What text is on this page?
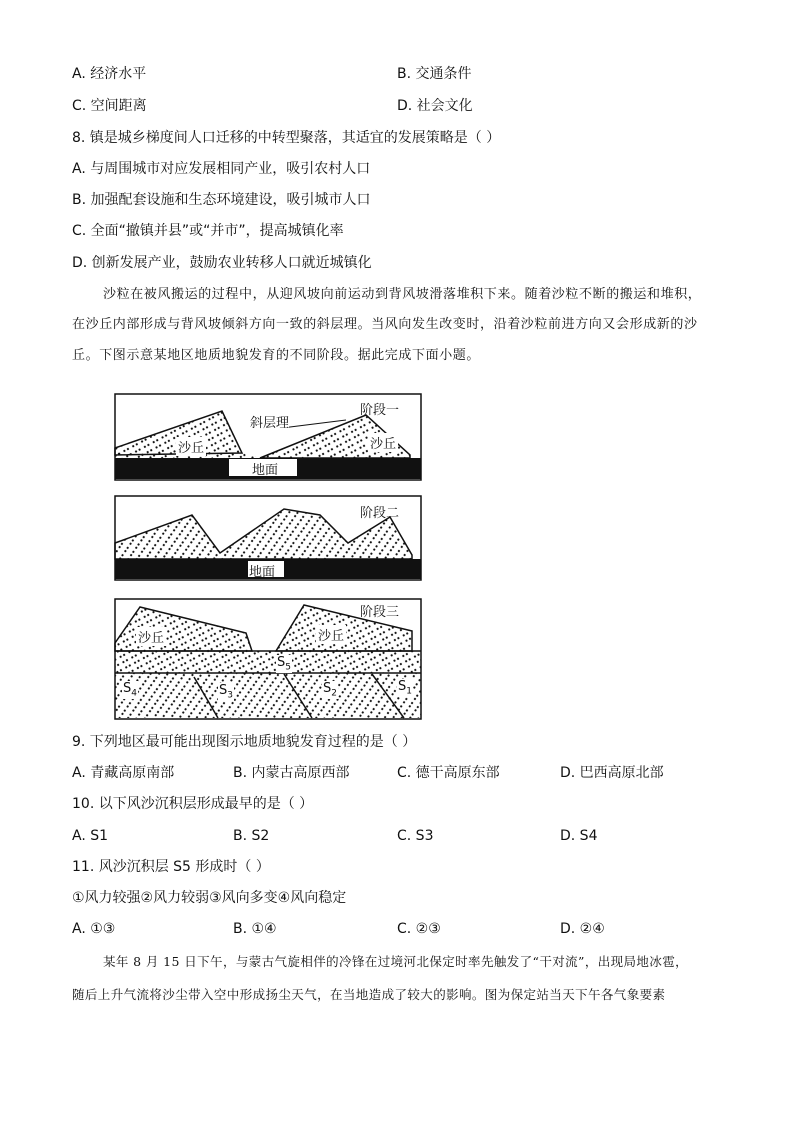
A. 经济水平	B. 交通条件
C. 空间距离	D. 社会文化
8. 镇是城乡梯度间人口迁移的中转型聚落，其适宜的发展策略是（ ）
A. 与周围城市对应发展相同产业，吸引农村人口
B. 加强配套设施和生态环境建设，吸引城市人口
C. 全面“撤镇并县”或“并市”，提高城镇化率
D. 创新发展产业，鼓励农业转移人口就近城镇化
沙粒在被风搬运的过程中，从迎风坡向前运动到背风坡滑落堆积下来。随着沙粒不断的搬运和堆积，
在沙丘内部形成与背风坡倾斜方向一致的斜层理。当风向发生改变时，沿着沙粒前进方向又会形成新的沙
丘。下图示意某地区地质地貌发育的不同阶段。据此完成下面小题。
阶段一
斜层理
沙丘	沙丘
地面
阶段二
地面
阶段三
沙丘	沙丘
$S_5$
$S_4$	$S_3$	$S_2$	$S_1$
9. 下列地区最可能出现图示地质地貌发育过程的是（ ）
A. 青藏高原南部	B. 内蒙古高原西部	C. 德干高原东部	D. 巴西高原北部
10. 以下风沙沉积层形成最早的是（ ）
A. S1	B. S2	C. S3	D. S4
11. 风沙沉积层 S5 形成时（ ）
①风力较强②风力较弱③风向多变④风向稳定
A. ①③	B. ①④	C. ②③	D. ②④
某年 8 月 15 日下午，与蒙古气旋相伴的冷锋在过境河北保定时率先触发了“干对流”，出现局地冰雹，
随后上升气流将沙尘带入空中形成扬尘天气，在当地造成了较大的影响。图为保定站当天下午各气象要素
